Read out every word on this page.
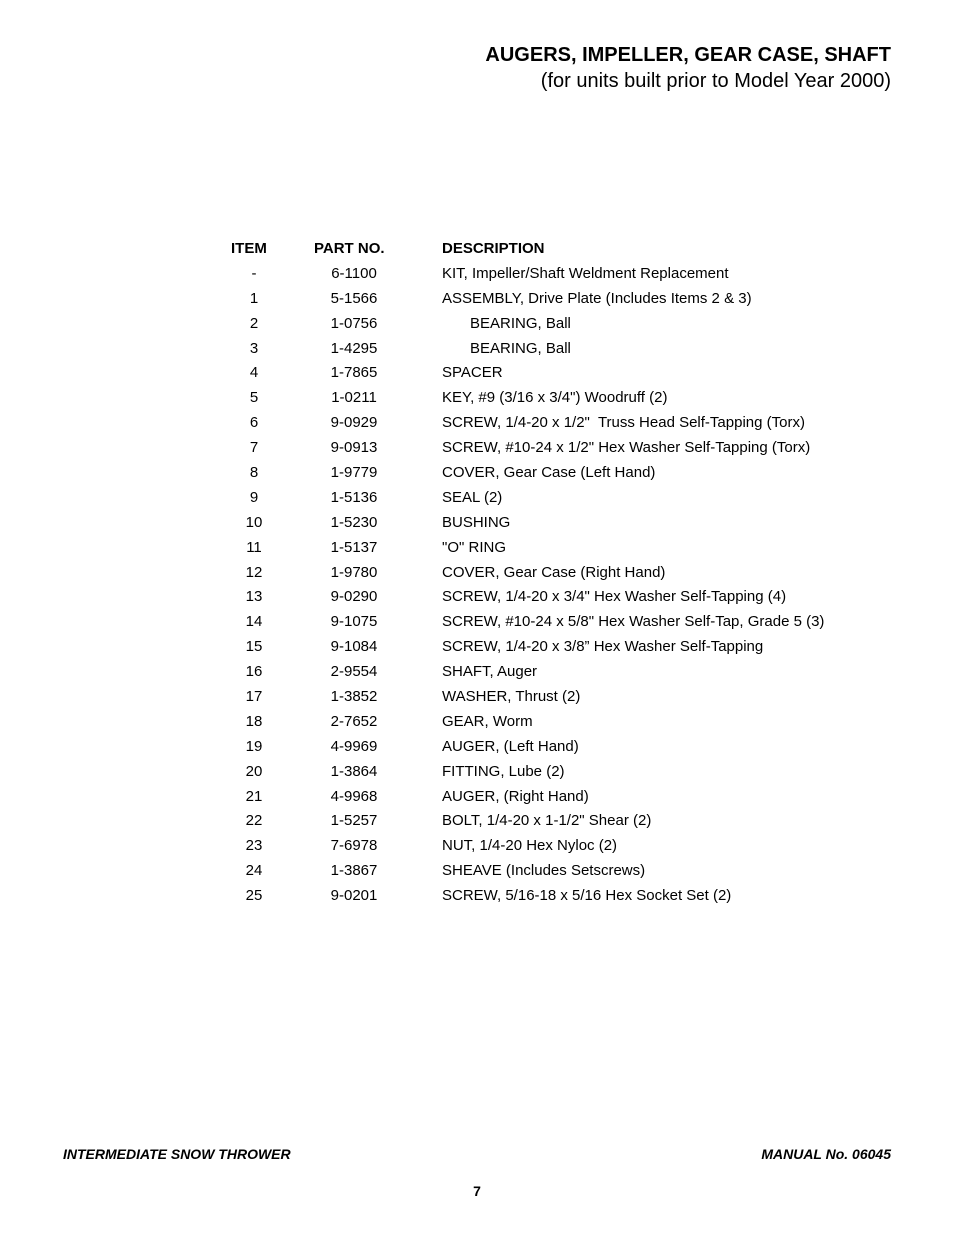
AUGERS, IMPELLER, GEAR CASE, SHAFT

(for units built prior to Model Year 2000)

ITEM	PART NO.	DESCRIPTION
-	6-1100	KIT, Impeller/Shaft Weldment Replacement
1	5-1566	ASSEMBLY, Drive Plate (Includes Items 2 & 3)
2	1-0756	BEARING, Ball
3	1-4295	BEARING, Ball
4	1-7865	SPACER
5	1-0211	KEY, #9 (3/16 x 3/4") Woodruff (2)
6	9-0929	SCREW, 1/4-20 x 1/2"  Truss Head Self-Tapping (Torx)
7	9-0913	SCREW, #10-24 x 1/2" Hex Washer Self-Tapping (Torx)
8	1-9779	COVER, Gear Case (Left Hand)
9	1-5136	SEAL (2)
10	1-5230	BUSHING
11	1-5137	"O" RING
12	1-9780	COVER, Gear Case (Right Hand)
13	9-0290	SCREW, 1/4-20 x 3/4" Hex Washer Self-Tapping (4)
14	9-1075	SCREW, #10-24 x 5/8" Hex Washer Self-Tap, Grade 5 (3)
15	9-1084	SCREW, 1/4-20 x 3/8” Hex Washer Self-Tapping
16	2-9554	SHAFT, Auger
17	1-3852	WASHER, Thrust (2)
18	2-7652	GEAR, Worm
19	4-9969	AUGER, (Left Hand)
20	1-3864	FITTING, Lube (2)
21	4-9968	AUGER, (Right Hand)
22	1-5257	BOLT, 1/4-20 x 1-1/2" Shear (2)
23	7-6978	NUT, 1/4-20 Hex Nyloc (2)
24	1-3867	SHEAVE (Includes Setscrews)
25	9-0201	SCREW, 5/16-18 x 5/16 Hex Socket Set (2)
INTERMEDIATE SNOW THROWER	MANUAL No. 06045
7
